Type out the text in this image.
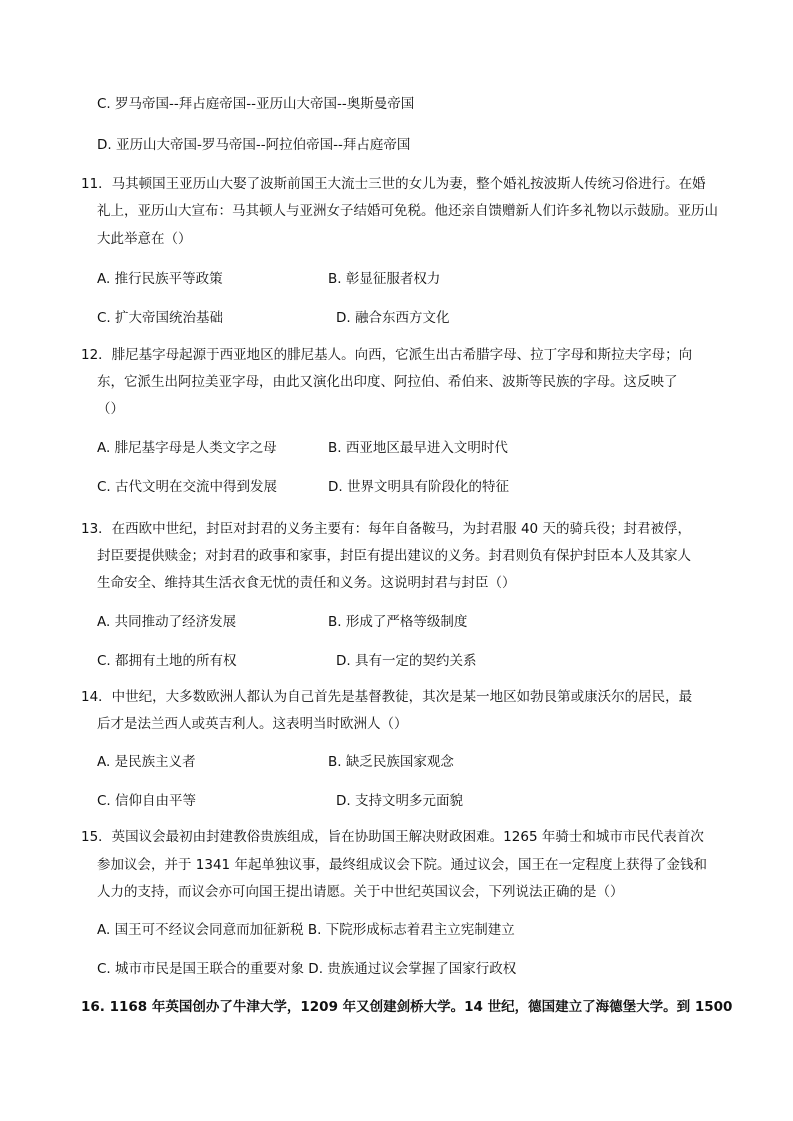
C. 罗马帝国--拜占庭帝国--亚历山大帝国--奥斯曼帝国
D. 亚历山大帝国-罗马帝国--阿拉伯帝国--拜占庭帝国
11．马其顿国王亚历山大娶了波斯前国王大流士三世的女儿为妻，整个婚礼按波斯人传统习俗进行。在婚
礼上，亚历山大宣布：马其顿人与亚洲女子结婚可免税。他还亲自馈赠新人们许多礼物以示鼓励。亚历山
大此举意在（）
A. 推行民族平等政策	B. 彰显征服者权力
C. 扩大帝国统治基础	D. 融合东西方文化
12．腓尼基字母起源于西亚地区的腓尼基人。向西，它派生出古希腊字母、拉丁字母和斯拉夫字母；向
东，它派生出阿拉美亚字母，由此又演化出印度、阿拉伯、希伯来、波斯等民族的字母。这反映了
（）
A. 腓尼基字母是人类文字之母	B. 西亚地区最早进入文明时代
C. 古代文明在交流中得到发展	D. 世界文明具有阶段化的特征
13．在西欧中世纪，封臣对封君的义务主要有：每年自备鞍马，为封君服 40 天的骑兵役；封君被俘，
封臣要提供赎金；对封君的政事和家事，封臣有提出建议的义务。封君则负有保护封臣本人及其家人
生命安全、维持其生活衣食无忧的责任和义务。这说明封君与封臣（）
A. 共同推动了经济发展	B. 形成了严格等级制度
C. 都拥有土地的所有权	D. 具有一定的契约关系
14．中世纪，大多数欧洲人都认为自己首先是基督教徒，其次是某一地区如勃艮第或康沃尔的居民，最
后才是法兰西人或英吉利人。这表明当时欧洲人（）
A. 是民族主义者	B. 缺乏民族国家观念
C. 信仰自由平等	D. 支持文明多元面貌
15．英国议会最初由封建教俗贵族组成，旨在协助国王解决财政困难。1265 年骑士和城市市民代表首次
参加议会，并于 1341 年起单独议事，最终组成议会下院。通过议会，国王在一定程度上获得了金钱和
人力的支持，而议会亦可向国王提出请愿。关于中世纪英国议会，下列说法正确的是（）
A. 国王可不经议会同意而加征新税 B. 下院形成标志着君主立宪制建立
C. 城市市民是国王联合的重要对象 D. 贵族通过议会掌握了国家行政权
16. 1168 年英国创办了牛津大学，1209 年又创建剑桥大学。14 世纪，德国建立了海德堡大学。到 1500
